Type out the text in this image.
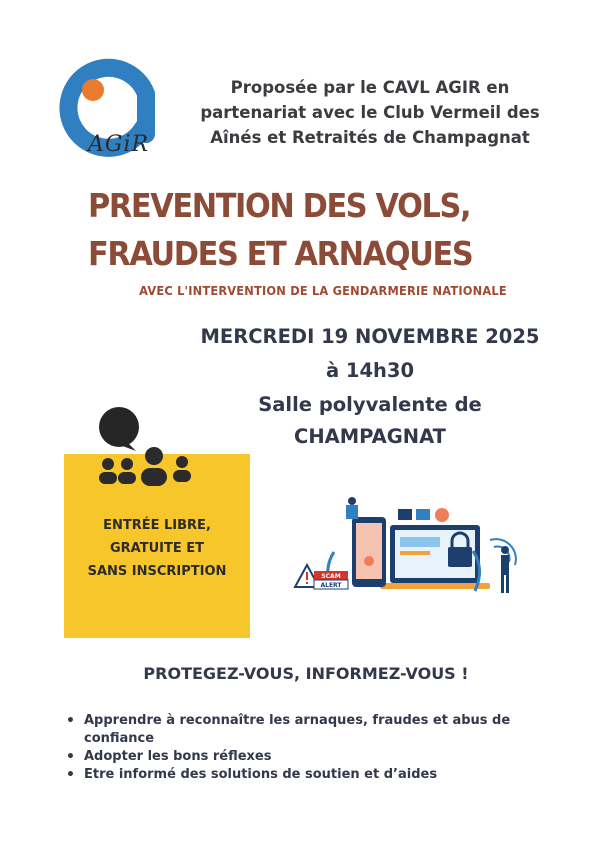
AGiR
Proposée par le CAVL AGIR en
partenariat avec le Club Vermeil des
Aînés et Retraités de Champagnat
PREVENTION DES VOLS,
FRAUDES ET ARNAQUES
AVEC L'INTERVENTION DE LA GENDARMERIE NATIONALE
MERCREDI 19 NOVEMBRE 2025
à 14h30
Salle polyvalente de
CHAMPAGNAT
ENTRÉE LIBRE,
GRATUITE ET
SANS INSCRIPTION	SCAM
ALERT
PROTEGEZ-VOUS, INFORMEZ-VOUS !
• Apprendre à reconnaître les arnaques, fraudes et abus de confiance
• Adopter les bons réflexes
• Etre informé des solutions de soutien et d’aides
